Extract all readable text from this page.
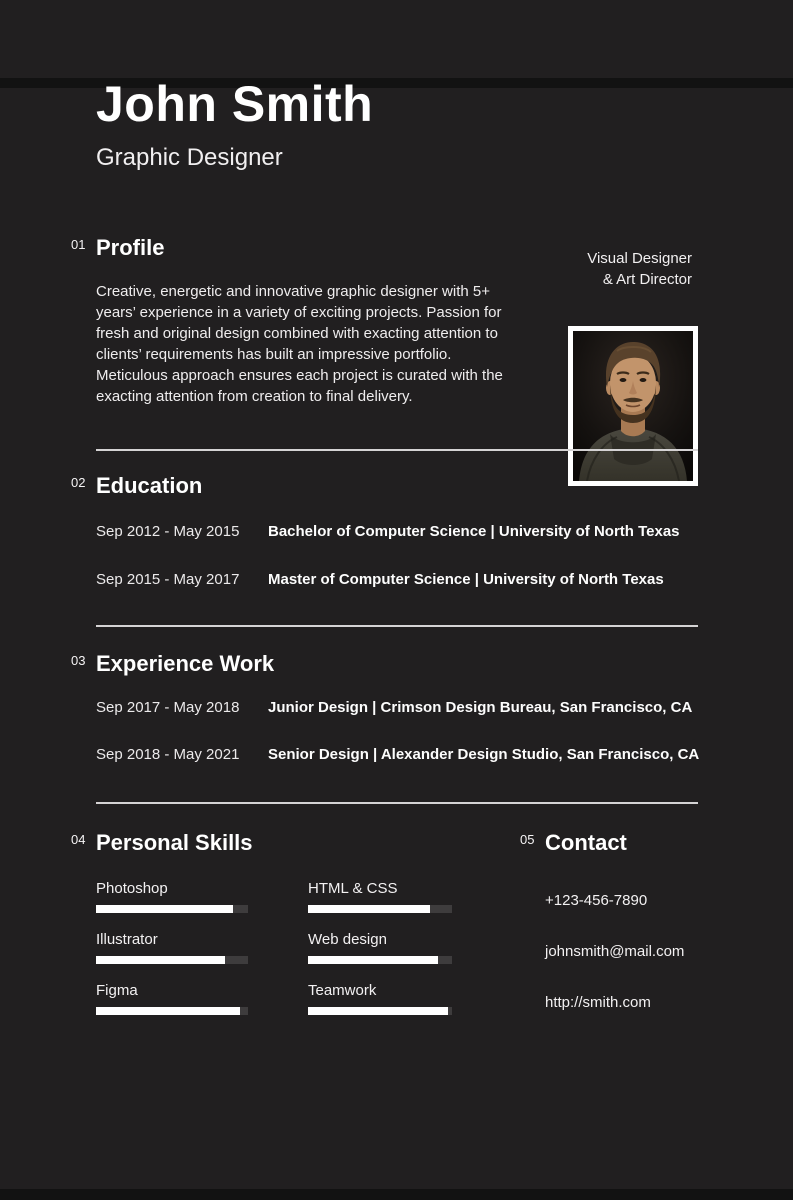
Visual Designer
& Art Director
John Smith
Graphic Designer
01 Profile
Creative, energetic and innovative graphic designer with 5+
years’ experience in a variety of exciting projects. Passion for
fresh and original design combined with exacting attention to
clients’ requirements has built an impressive portfolio.
Meticulous approach ensures each project is curated with the
exacting attention from creation to final delivery.
02 Education
Sep 2012 - May 2015	Bachelor of Computer Science | University of North Texas
Sep 2015 - May 2017	Master of Computer Science | University of North Texas
03 Experience Work
Sep 2017 - May 2018	Junior Design | Crimson Design Bureau, San Francisco, CA
Sep 2018 - May 2021	Senior Design | Alexander Design Studio, San Francisco, CA
04 Personal Skills
Photoshop
Illustrator
Figma
HTML & CSS
Web design
Teamwork
05 Contact
+123-456-7890
johnsmith@mail.com
http://smith.com
